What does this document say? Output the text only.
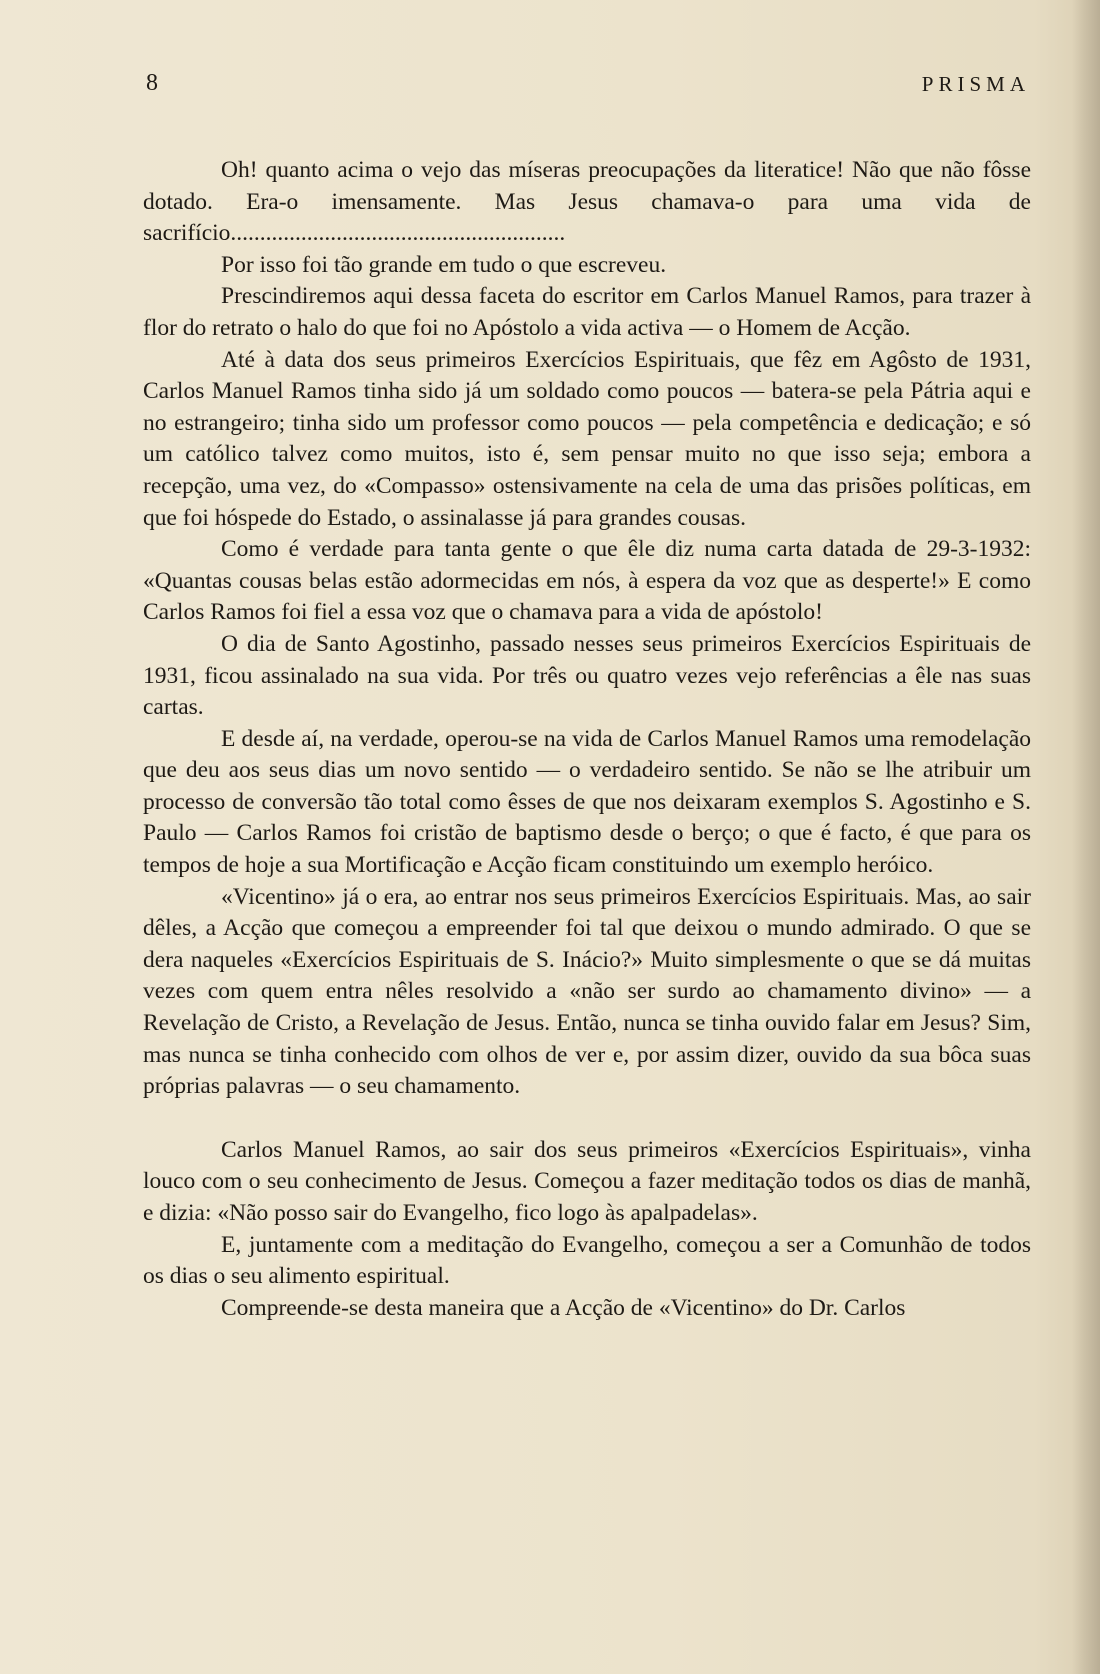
8	PRISMA

Oh! quanto acima o vejo das míseras preocupações da literatice! Não que não fôsse dotado. Era-o imensamente. Mas Jesus chamava-o para uma vida de sacrifício.........................................................

Por isso foi tão grande em tudo o que escreveu.

Prescindiremos aqui dessa faceta do escritor em Carlos Manuel Ramos, para trazer à flor do retrato o halo do que foi no Apóstolo a vida activa — o Homem de Acção.

Até à data dos seus primeiros Exercícios Espirituais, que fêz em Agôsto de 1931, Carlos Manuel Ramos tinha sido já um soldado como poucos — batera-se pela Pátria aqui e no estrangeiro; tinha sido um professor como poucos — pela competência e dedicação; e só um católico talvez como muitos, isto é, sem pensar muito no que isso seja; embora a recepção, uma vez, do «Compasso» ostensivamente na cela de uma das prisões políticas, em que foi hóspede do Estado, o assinalasse já para grandes cousas.

Como é verdade para tanta gente o que êle diz numa carta datada de 29-3-1932: «Quantas cousas belas estão adormecidas em nós, à espera da voz que as desperte!» E como Carlos Ramos foi fiel a essa voz que o chamava para a vida de apóstolo!

O dia de Santo Agostinho, passado nesses seus primeiros Exercícios Espirituais de 1931, ficou assinalado na sua vida. Por três ou quatro vezes vejo referências a êle nas suas cartas.

E desde aí, na verdade, operou-se na vida de Carlos Manuel Ramos uma remodelação que deu aos seus dias um novo sentido — o verdadeiro sentido. Se não se lhe atribuir um processo de conversão tão total como êsses de que nos deixaram exemplos S. Agostinho e S. Paulo — Carlos Ramos foi cristão de baptismo desde o berço; o que é facto, é que para os tempos de hoje a sua Mortificação e Acção ficam constituindo um exemplo heróico.

«Vicentino» já o era, ao entrar nos seus primeiros Exercícios Espirituais. Mas, ao sair dêles, a Acção que começou a empreender foi tal que deixou o mundo admirado. O que se dera naqueles «Exercícios Espirituais de S. Inácio?» Muito simplesmente o que se dá muitas vezes com quem entra nêles resolvido a «não ser surdo ao chamamento divino» — a Revelação de Cristo, a Revelação de Jesus. Então, nunca se tinha ouvido falar em Jesus? Sim, mas nunca se tinha conhecido com olhos de ver e, por assim dizer, ouvido da sua bôca suas próprias palavras — o seu chamamento.

Carlos Manuel Ramos, ao sair dos seus primeiros «Exercícios Espirituais», vinha louco com o seu conhecimento de Jesus. Começou a fazer meditação todos os dias de manhã, e dizia: «Não posso sair do Evangelho, fico logo às apalpadelas».

E, juntamente com a meditação do Evangelho, começou a ser a Comunhão de todos os dias o seu alimento espiritual.

Compreende-se desta maneira que a Acção de «Vicentino» do Dr. Carlos
